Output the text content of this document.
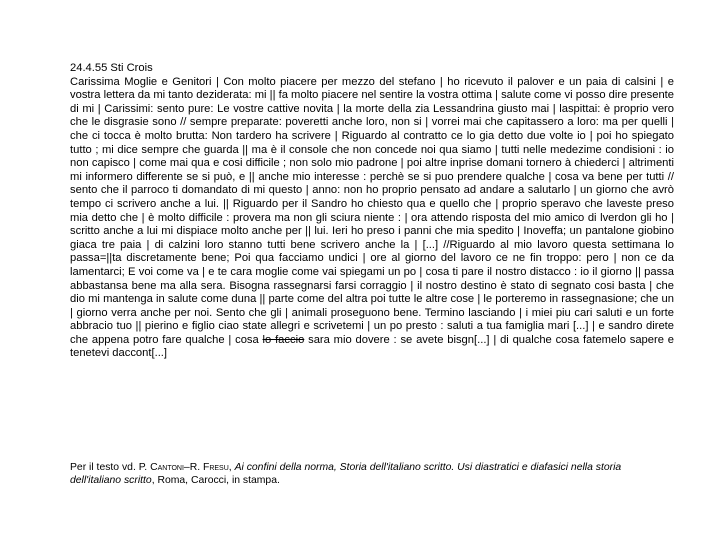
24.4.55 Sti Crois

Carissima Moglie e Genitori | Con molto piacere per mezzo del stefano | ho ricevuto il palover e un paia di calsini | e vostra lettera da mi tanto deziderata: mi || fa molto piacere nel sentire la vostra ottima | salute come vi posso dire presente di mi | Carissimi: sento pure: Le vostre cattive novita | la morte della zia Lessandrina giusto mai | laspittai: è proprio vero che le disgrasie sono // sempre preparate: poveretti anche loro, non si | vorrei mai che capitassero a loro: ma per quelli | che ci tocca è molto brutta: Non tardero ha scrivere | Riguardo al contratto ce lo gia detto due volte io | poi ho spiegato tutto ; mi dice sempre che guarda || ma è il console che non concede noi qua siamo | tutti nelle medezime condisioni : io non capisco | come mai qua e cosi difficile ; non solo mio padrone | poi altre inprise domani tornero à chiederci | altrimenti mi informero differente se si può, e || anche mio interesse : perchè se si puo prendere qualche | cosa va bene per tutti // sento che il parroco ti domandato di mi questo | anno: non ho proprio pensato ad andare a salutarlo | un giorno che avrò tempo ci scrivero anche a lui. || Riguardo per il Sandro ho chiesto qua e quello che | proprio speravo che laveste preso mia detto che | è molto difficile : provera ma non gli sciura niente : | ora attendo risposta del mio amico di lverdon gli ho | scritto anche a lui mi dispiace molto anche per || lui. Ieri ho preso i panni che mia spedito | Inoveffa; un pantalone giobino giaca tre paia | di calzini loro stanno tutti bene scrivero anche la | [...] //Riguardo al mio lavoro questa settimana lo passa=||ta discretamente bene; Poi qua facciamo undici | ore al giorno del lavoro ce ne fin troppo: pero | non ce da lamentarci; E voi come va | e te cara moglie come vai spiegami un po | cosa ti pare il nostro distacco : io il giorno || passa abbastansa bene ma alla sera. Bisogna rassegnarsi farsi corraggio | il nostro destino è stato di segnato cosi basta | che dio mi mantenga in salute come duna || parte come del altra poi tutte le altre cose | le porteremo in rassegnasione; che un | giorno verra anche per noi. Sento che gli | animali proseguono bene. Termino lasciando | i miei piu cari saluti e un forte abbracio tuo || pierino e figlio ciao state allegri e scrivetemi | un po presto : saluti a tua famiglia mari [...] | e sandro direte che appena potro fare qualche | cosa lo faccio sara mio dovere : se avete bisgn[...] | di qualche cosa fatemelo sapere e tenetevi daccont[...]

Per il testo vd. P. Cantoni–R. Fresu, Ai confini della norma, Storia dell'italiano scritto. Usi diastratici e diafasici nella storia dell'italiano scritto, Roma, Carocci, in stampa.
